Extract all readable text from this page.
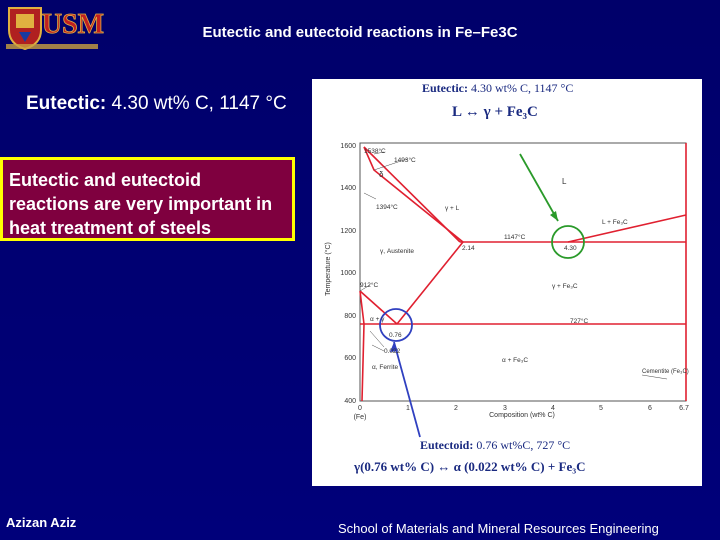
USM	Eutectic and eutectoid reactions in Fe–Fe3C
Eutectic: 4.30 wt% C, 1147 °C
Eutectic and eutectoid reactions are very important in heat treatment of steels
Eutectic: 4.30 wt% C, 1147 °C
L ↔ γ + Fe₃C
Temperature (°C)
1600
1400
1200
1000
800
600
400
0	1	2	3	4	5	6	6.7
(Fe)	Composition (wt% C)
1538°C
1493°C
δ
1394°C	γ + L
L
L + Fe₃C
γ, Austenite	2.14
1147°C
4.30
γ + Fe₃C
912°C
α + γ	727°C
0.76
0.022
α, Ferrite
α + Fe₃C
Cementite (Fe₃C)
Eutectoid: 0.76 wt%C, 727 °C
γ(0.76 wt% C) ↔ α (0.022 wt% C) + Fe₃C
Azizan Aziz	School of Materials and Mineral Resources Engineering
